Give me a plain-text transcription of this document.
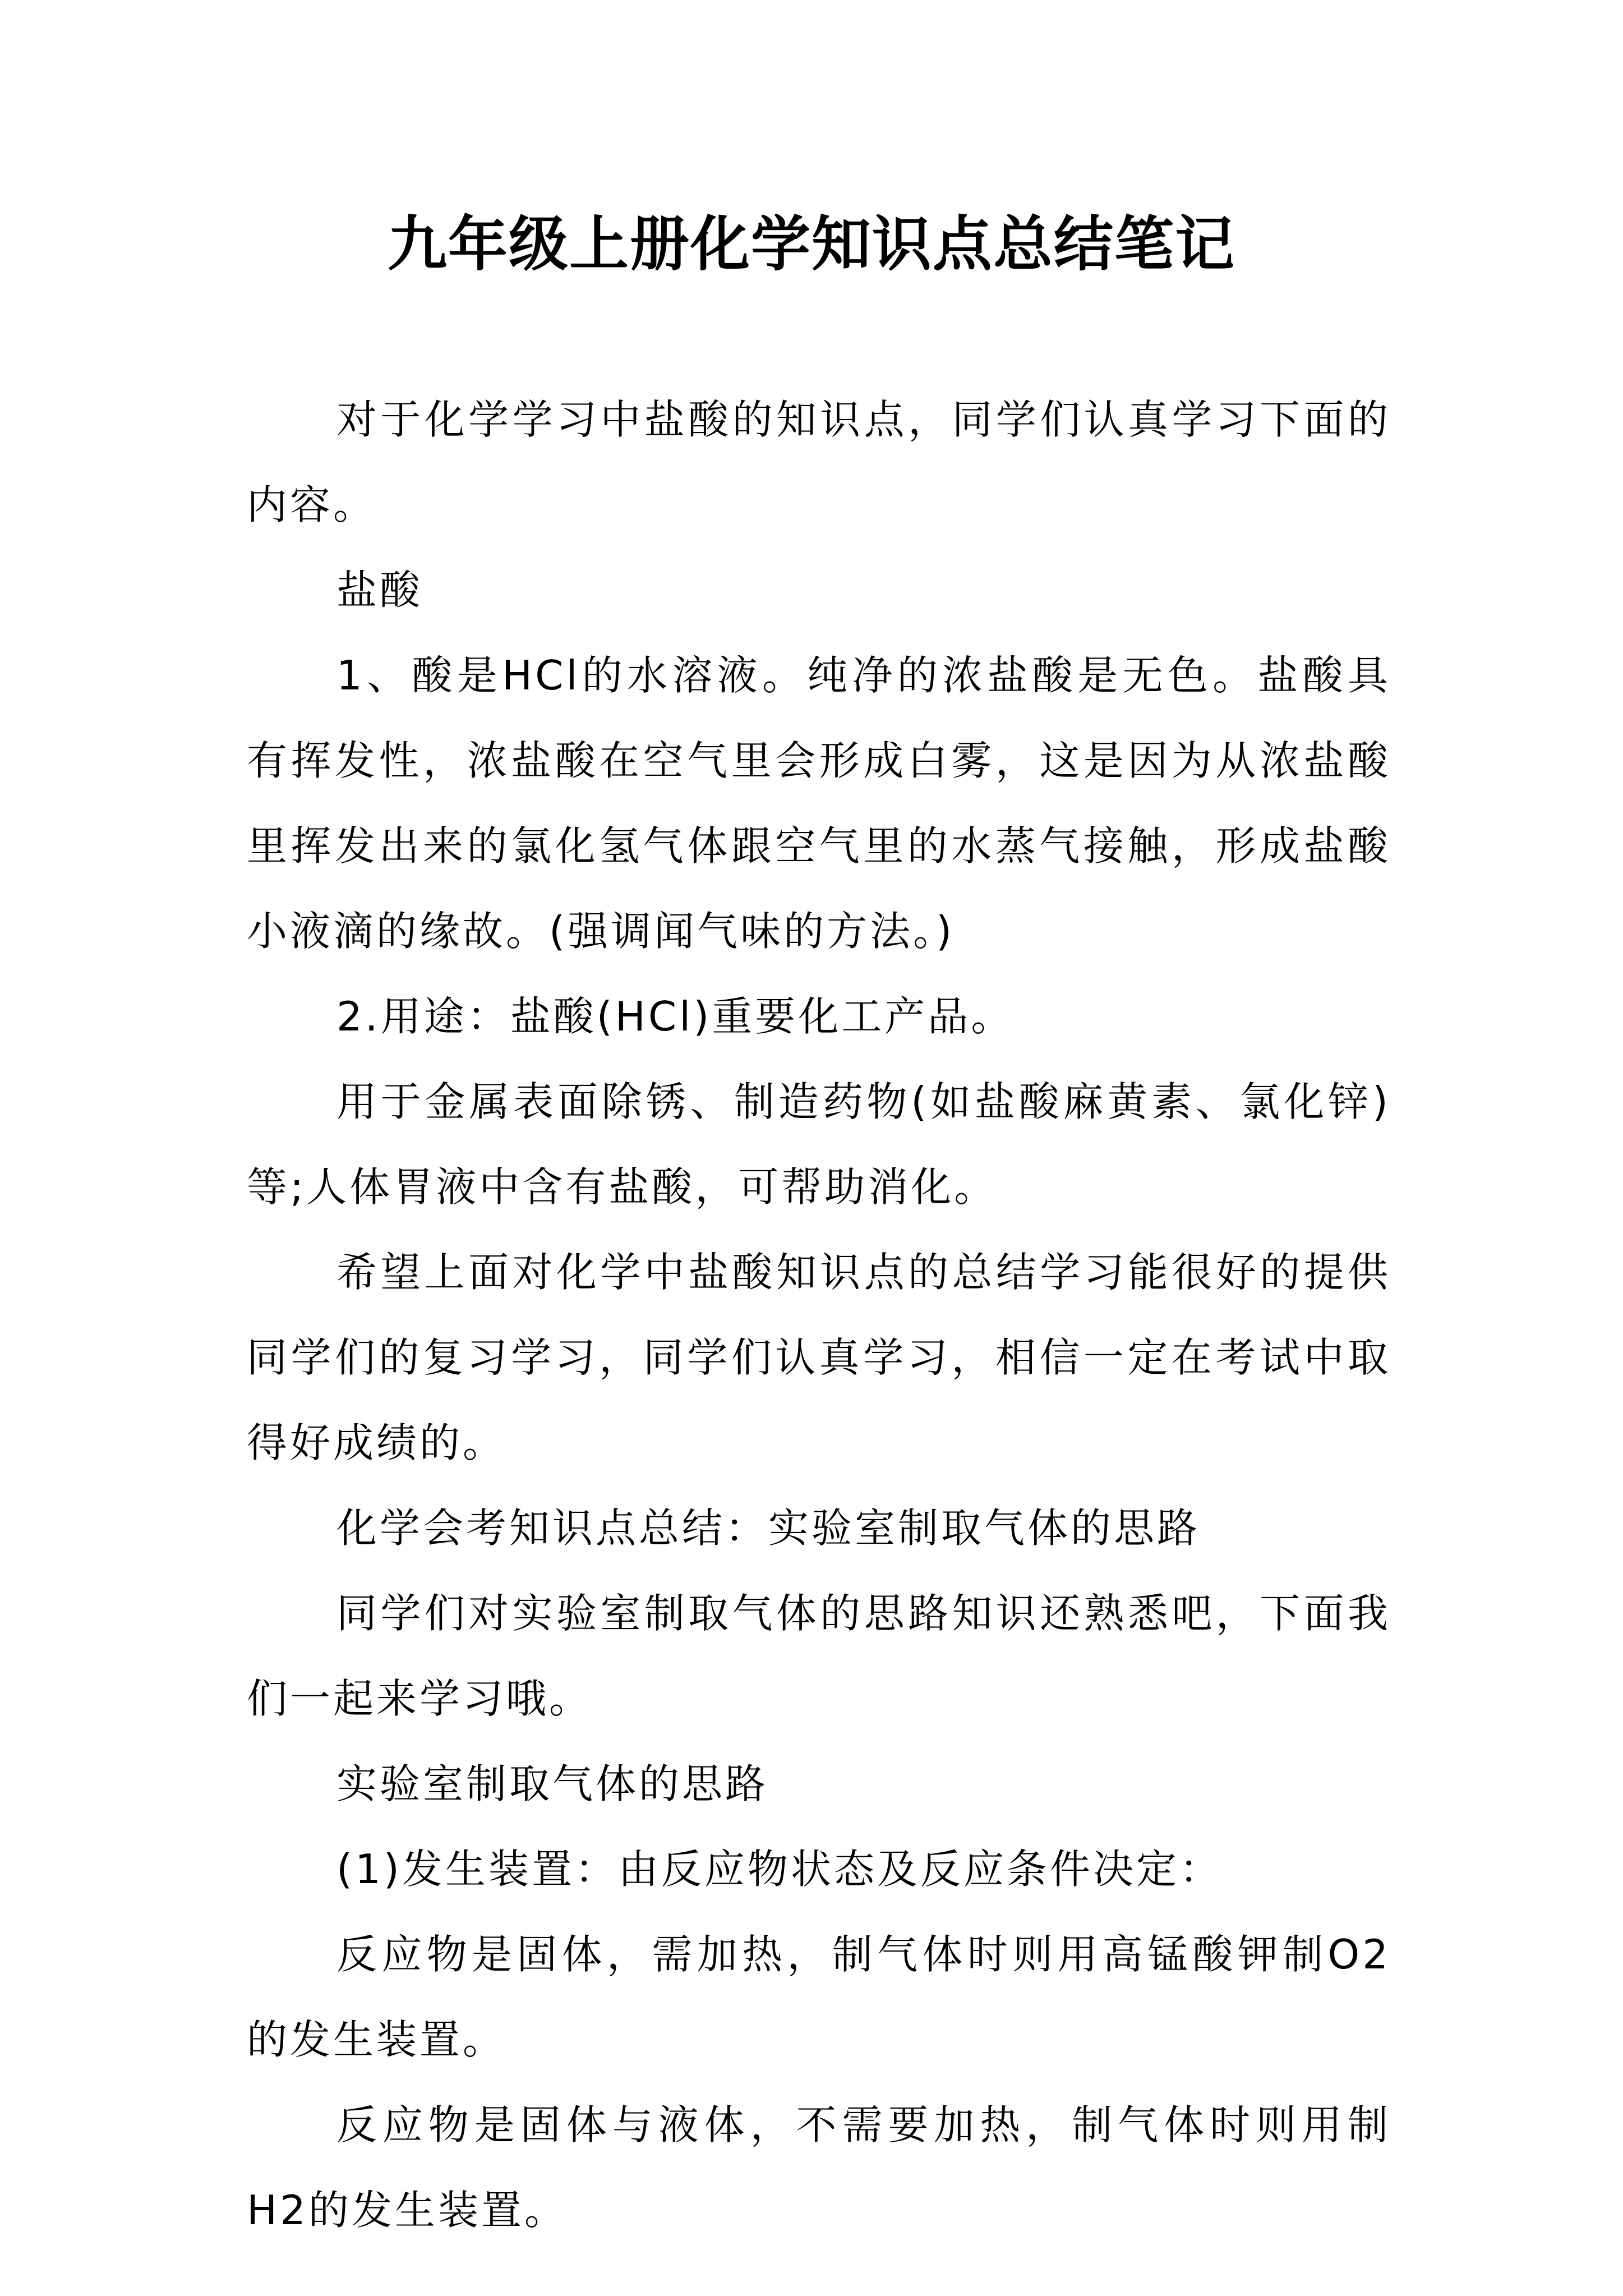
九年级上册化学知识点总结笔记

对于化学学习中盐酸的知识点，同学们认真学习下面的内容。

盐酸

1、酸是HCl的水溶液。纯净的浓盐酸是无色。盐酸具有挥发性，浓盐酸在空气里会形成白雾，这是因为从浓盐酸里挥发出来的氯化氢气体跟空气里的水蒸气接触，形成盐酸小液滴的缘故。(强调闻气味的方法。)

2.用途：盐酸(HCl)重要化工产品。

用于金属表面除锈、制造药物(如盐酸麻黄素、氯化锌)等;人体胃液中含有盐酸，可帮助消化。

希望上面对化学中盐酸知识点的总结学习能很好的提供同学们的复习学习，同学们认真学习，相信一定在考试中取得好成绩的。

化学会考知识点总结：实验室制取气体的思路

同学们对实验室制取气体的思路知识还熟悉吧，下面我们一起来学习哦。

实验室制取气体的思路

(1)发生装置：由反应物状态及反应条件决定：

反应物是固体，需加热，制气体时则用高锰酸钾制O2的发生装置。

反应物是固体与液体，不需要加热，制气体时则用制H2的发生装置。
